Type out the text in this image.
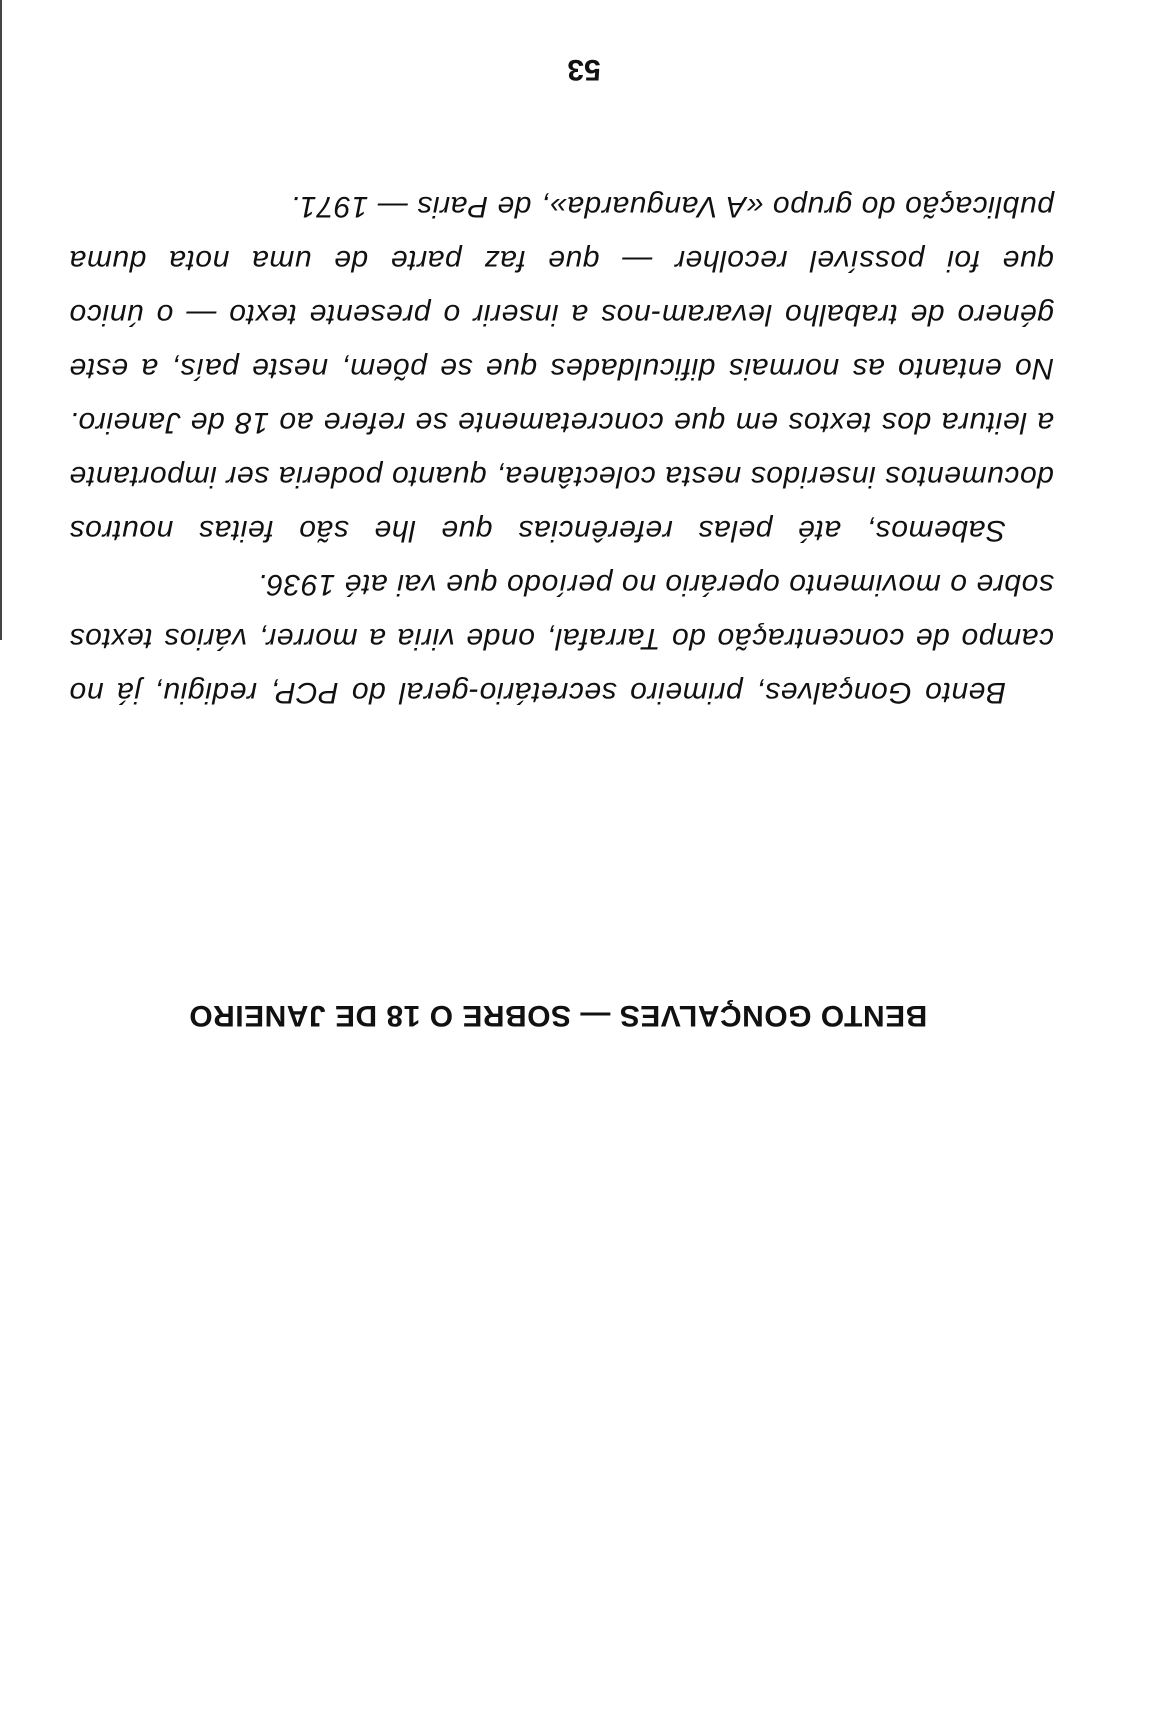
BENTO GONÇALVES — SOBRE O 18 DE JANEIRO

Bento Gonçalves, primeiro secretário-geral do PCP, redigiu, já no campo de concentração do Tarrafal, onde viria a morrer, vários textos sobre o movimento operário no período que vai até 1936.

Sabemos, até pelas referências que lhe são feitas noutros documentos inseridos nesta colectânea, quanto poderia ser importante a leitura dos textos em que concretamente se refere ao 18 de Janeiro. No entanto as normais dificuldades que se põem, neste país, a este género de trabalho levaram-nos a inserir o presente texto — o único que foi possível recolher — que faz parte de uma nota duma publicação do grupo «A Vanguarda», de Paris — 1971.

53
